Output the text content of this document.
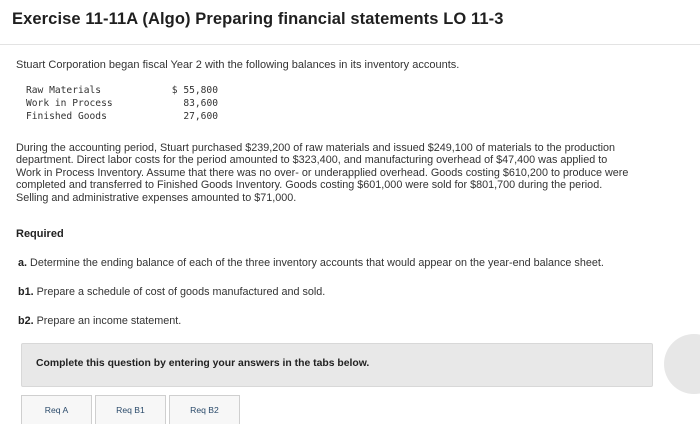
Exercise 11-11A (Algo) Preparing financial statements LO 11-3
Stuart Corporation began fiscal Year 2 with the following balances in its inventory accounts.
Raw Materials	$ 55,800
Work in Process	83,600
Finished Goods	27,600
During the accounting period, Stuart purchased $239,200 of raw materials and issued $249,100 of materials to the production
department. Direct labor costs for the period amounted to $323,400, and manufacturing overhead of $47,400 was applied to
Work in Process Inventory. Assume that there was no over- or underapplied overhead. Goods costing $610,200 to produce were
completed and transferred to Finished Goods Inventory. Goods costing $601,000 were sold for $801,700 during the period.
Selling and administrative expenses amounted to $71,000.
Required
a. Determine the ending balance of each of the three inventory accounts that would appear on the year-end balance sheet.
b1. Prepare a schedule of cost of goods manufactured and sold.
b2. Prepare an income statement.
Complete this question by entering your answers in the tabs below.
Req A	Req B1	Req B2
